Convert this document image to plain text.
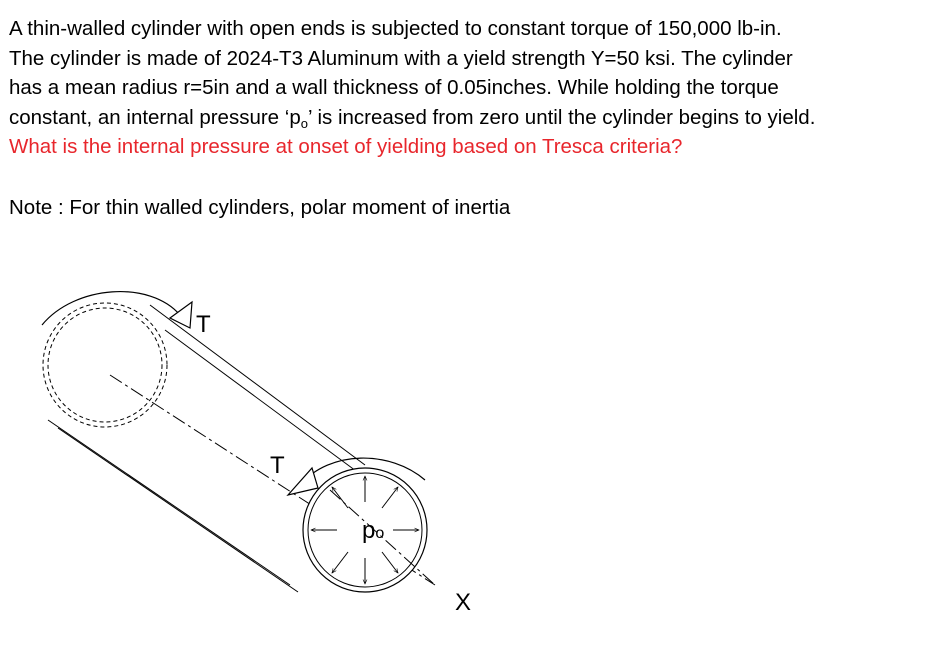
A thin-walled cylinder with open ends is subjected to constant torque of 150,000 lb-in.
The cylinder is made of 2024-T3 Aluminum with a yield strength Y=50 ksi. The cylinder
has a mean radius r=5in and a wall thickness of 0.05inches. While holding the torque
constant, an internal pressure ‘$p_o$’ is increased from zero until the cylinder begins to yield.
What is the internal pressure at onset of yielding based on Tresca criteria?

Note : For thin walled cylinders, polar moment of inertia
T
T
po
X
